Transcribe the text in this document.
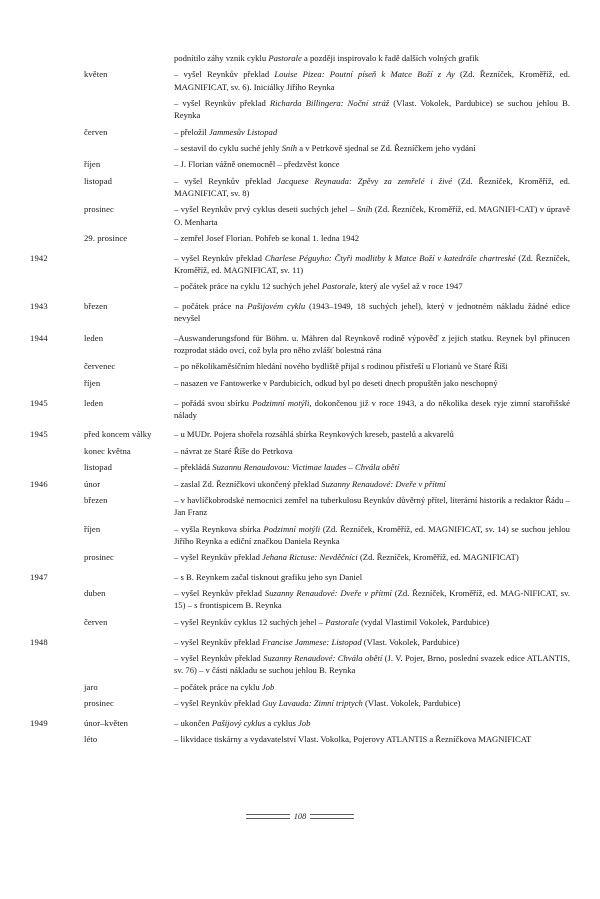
podnítilo záhy vznik cyklu Pastorale a později inspirovalo k řadě dalších volných grafik
květen	– vyšel Reynkův překlad Louise Pizea: Poutní píseň k Matce Boží z Ay (Zd. Řezníček, Kroměříž, ed. MAGNIFICAT, sv. 6). Iniciálky Jiřího Reynka
– vyšel Reynkův překlad Richarda Billingera: Noční stráž (Vlast. Vokolek, Pardubice) se suchou jehlou B. Reynka
červen	– přeložil Jammesův Listopad
– sestavil do cyklu suché jehly Sníh a v Petrkově sjednal se Zd. Řezníčkem jeho vydání
říjen	– J. Florian vážně onemocněl – předzvěst konce
listopad	– vyšel Reynkův překlad Jacquese Reynauda: Zpěvy za zemřelé i živé (Zd. Řezníček, Kroměříž, ed. MAGNIFICAT, sv. 8)
prosinec	– vyšel Reynkův prvý cyklus deseti suchých jehel – Sníh (Zd. Řezníček, Kroměříž, ed. MAGNIFI-CAT) v úpravě O. Menharta
29. prosince	– zemřel Josef Florian. Pohřeb se konal 1. ledna 1942
1942	– vyšel Reynkův překlad Charlese Péguyho: Čtyři modlitby k Matce Boží v katedrále chartreské (Zd. Řezníček, Kroměříž, ed. MAGNIFICAT, sv. 11)
– počátek práce na cyklu 12 suchých jehel Pastorale, který ale vyšel až v roce 1947
1943	březen	– počátek práce na Pašijovém cyklu (1943–1949, 18 suchých jehel), který v jednotném nákladu žádné edice nevyšel
1944	leden	–Auswanderungsfond für Böhm. u. Mähren dal Reynkově rodině výpověď z jejich statku. Reynek byl přinucen rozprodat stádo ovcí, což byla pro něho zvlášť bolestná rána
červenec	– po několikaměsíčním hledání nového bydliště přijal s rodinou přístřeší u Florianů ve Staré Říši
říjen	– nasazen ve Fantowerke v Pardubicích, odkud byl po deseti dnech propuštěn jako neschopný
1945	leden	– pořádá svou sbírku Podzimní motýli, dokončenou již v roce 1943, a do několika desek ryje zimní starořišské nálady
1945	před koncem války	– u MUDr. Pojera shořela rozsáhlá sbírka Reynkových kreseb, pastelů a akvarelů
konec května	– návrat ze Staré Říše do Petrkova
listopad	– překládá Suzannu Renaudovou: Victimae laudes – Chvála obětí
1946	únor	– zaslal Zd. Řezníčkovi ukončený překlad Suzanny Renaudové: Dveře v přítmí
březen	– v havlíčkobrodské nemocnici zemřel na tuberkulosu Reynkův důvěrný přítel, literární historik a redaktor Řádu – Jan Franz
říjen	– vyšla Reynkova sbírka Podzimní motýli (Zd. Řezníček, Kroměříž, ed. MAGNIFICAT, sv. 14) se suchou jehlou Jiřího Reynka a ediční značkou Daniela Reynka
prosinec	– vyšel Reynkův překlad Jehana Rictuse: Nevděčníci (Zd. Řezníček, Kroměříž, ed. MAGNIFICAT)
1947	– s B. Reynkem začal tisknout grafiku jeho syn Daniel
duben	– vyšel Reynkův překlad Suzanny Renaudové: Dveře v přítmí (Zd. Řezníček, Kroměříž, ed. MAG-NIFICAT, sv. 15) – s frontispicem B. Reynka
červen	– vyšel Reynkův cyklus 12 suchých jehel – Pastorale (vydal Vlastimil Vokolek, Pardubice)
1948	– vyšel Reynkův překlad Francise Jammese: Listopad (Vlast. Vokolek, Pardubice)
– vyšel Reynkův překlad Suzanny Renaudové: Chvála obětí (J. V. Pojer, Brno, poslední svazek edice ATLANTIS, sv. 76) – v části nákladu se suchou jehlou B. Reynka
jaro	– počátek práce na cyklu Job
prosinec	– vyšel Reynkův překlad Guy Lavauda: Zimní triptych (Vlast. Vokolek, Pardubice)
1949	únor–květen	– ukončen Pašijový cyklus a cyklus Job
léto	– likvidace tiskárny a vydavatelství Vlast. Vokolka, Pojerovy ATLANTIS a Řezníčkova MAGNIFICAT
108
